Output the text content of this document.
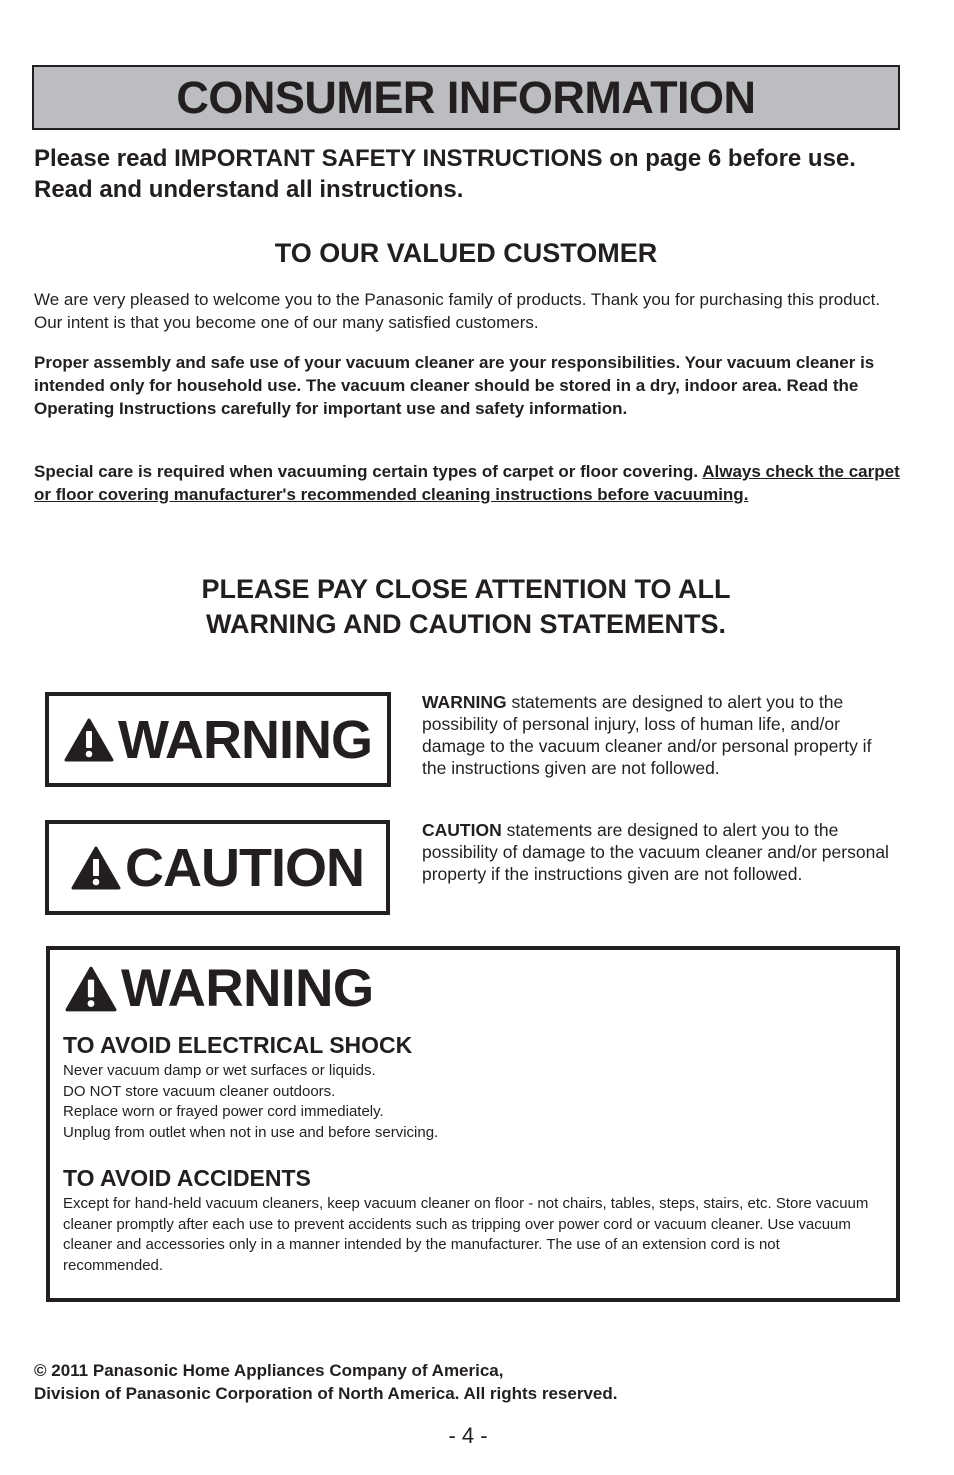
CONSUMER INFORMATION

Please read IMPORTANT SAFETY INSTRUCTIONS on page 6 before use. Read and understand all instructions.

TO OUR VALUED CUSTOMER

We are very pleased to welcome you to the Panasonic family of products. Thank you for purchasing this product. Our intent is that you become one of our many satisfied customers.

Proper assembly and safe use of your vacuum cleaner are your responsibilities. Your vacuum cleaner is intended only for household use. The vacuum cleaner should be stored in a dry, indoor area. Read the Operating Instructions carefully for important use and safety information.

Special care is required when vacuuming certain types of carpet or floor covering. Always check the carpet or floor covering manufacturer's recommended cleaning instructions before vacuuming.

PLEASE PAY CLOSE ATTENTION TO ALL
WARNING AND CAUTION STATEMENTS.
WARNING

WARNING statements are designed to alert you to the possibility of personal injury, loss of human life, and/or damage to the vacuum cleaner and/or personal property if the instructions given are not followed.

CAUTION

CAUTION statements are designed to alert you to the possibility of damage to the vacuum cleaner and/or personal property if the instructions given are not followed.

WARNING
TO AVOID ELECTRICAL SHOCK
Never vacuum damp or wet surfaces or liquids.
DO NOT store vacuum cleaner outdoors.
Replace worn or frayed power cord immediately.
Unplug from outlet when not in use and before servicing.
TO AVOID ACCIDENTS

Except for hand-held vacuum cleaners, keep vacuum cleaner on floor - not chairs, tables, steps, stairs, etc. Store vacuum cleaner promptly after each use to prevent accidents such as tripping over power cord or vacuum cleaner. Use vacuum cleaner and accessories only in a manner intended by the manufacturer. The use of an extension cord is not recommended.

© 2011 Panasonic Home Appliances Company of America,
Division of Panasonic Corporation of North America. All rights reserved.

- 4 -
